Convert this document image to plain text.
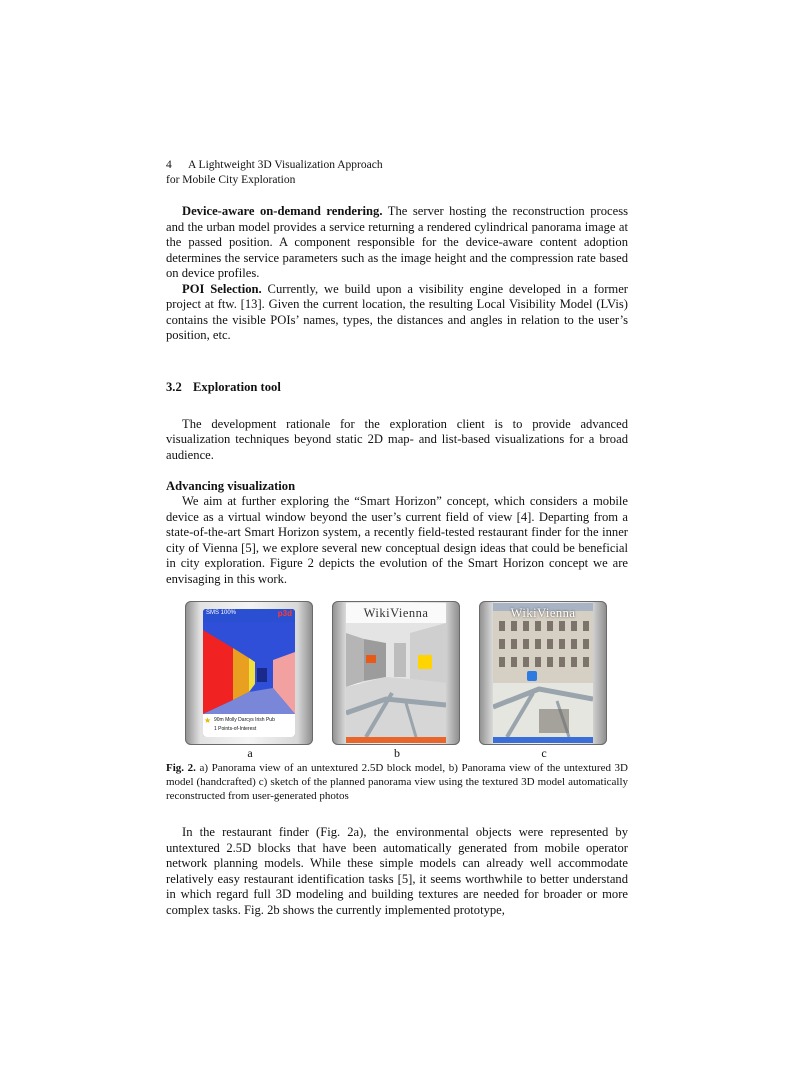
4 A Lightweight 3D Visualization Approach
for Mobile City Exploration

Device-aware on-demand rendering. The server hosting the reconstruction process and the urban model provides a service returning a rendered cylindrical panorama image at the passed position. A component responsible for the device-aware content adoption determines the service parameters such as the image height and the compression rate based on device profiles.

POI Selection. Currently, we build upon a visibility engine developed in a former project at ftw. [13]. Given the current location, the resulting Local Visibility Model (LVis) contains the visible POIs’ names, types, the distances and angles in relation to the user’s position, etc.

3.2 Exploration tool

The development rationale for the exploration client is to provide advanced visualization techniques beyond static 2D map- and list-based visualizations for a broad audience.

Advancing visualization

We aim at further exploring the “Smart Horizon” concept, which considers a mobile device as a virtual window beyond the user’s current field of view [4]. Departing from a state-of-the-art Smart Horizon system, a recently field-tested restaurant finder for the inner city of Vienna [5], we explore several new conceptual design ideas that could be beneficial in city exploration. Figure 2 depicts the evolution of the Smart Horizon concept we are envisaging in this work.

SMS 100%	p3d
★ 90m Molly Darcys Irish Pub
1 Points-of-Interest
a
WikiVienna
b
WikiVienna
c

Fig. 2. a) Panorama view of an untextured 2.5D block model, b) Panorama view of the untextured 3D model (handcrafted) c) sketch of the planned panorama view using the textured 3D model automatically reconstructed from user-generated photos

In the restaurant finder (Fig. 2a), the environmental objects were represented by untextured 2.5D blocks that have been automatically generated from mobile operator network planning models. While these simple models can already well accommodate relatively easy restaurant identification tasks [5], it seems worthwhile to better understand in which regard full 3D modeling and building textures are needed for broader or more complex tasks. Fig. 2b shows the currently implemented prototype,
